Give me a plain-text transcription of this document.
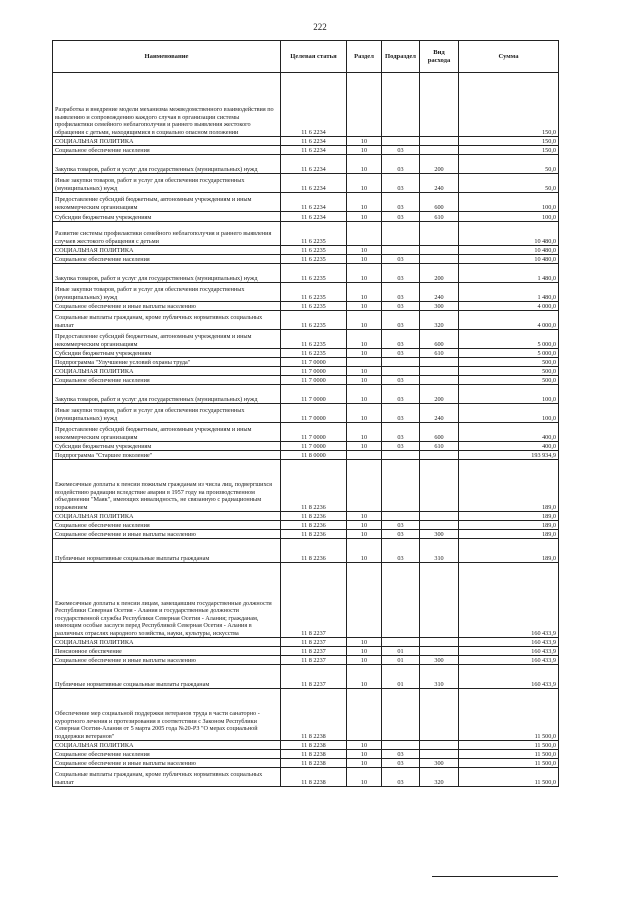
222
Наименование	Целевая статья	Раздел	Подраздел	Вид расхода	Сумма
Разработка и внедрение модели механизма межведомственного взаимодействия по выявлению и сопровождению каждого случая в организации системы профилактики семейного неблагополучия и раннего выявления жестокого обращения с детьми, находящимися в социально опасном положении	11 6 2234				150,0
СОЦИАЛЬНАЯ ПОЛИТИКА	11 6 2234	10			150,0
Социальное обеспечение населения	11 6 2234	10	03		150,0
Закупка товаров, работ и услуг для государственных (муниципальных) нужд	11 6 2234	10	03	200	50,0
Иные закупки товаров, работ и услуг для обеспечения государственных (муниципальных) нужд	11 6 2234	10	03	240	50,0
Предоставление субсидий бюджетным, автономным учреждениям и иным некоммерческим организациям	11 6 2234	10	03	600	100,0
Субсидии бюджетным учреждениям	11 6 2234	10	03	610	100,0
Развитие системы профилактики семейного неблагополучия и раннего выявления случаев жестокого обращения с детьми	11 6 2235				10 480,0
СОЦИАЛЬНАЯ ПОЛИТИКА	11 6 2235	10			10 480,0
Социальное обеспечение населения	11 6 2235	10	03		10 480,0
Закупка товаров, работ и услуг для государственных (муниципальных) нужд	11 6 2235	10	03	200	1 480,0
Иные закупки товаров, работ и услуг для обеспечения государственных (муниципальных) нужд	11 6 2235	10	03	240	1 480,0
Социальное обеспечение и иные выплаты населению	11 6 2235	10	03	300	4 000,0
Социальные выплаты гражданам, кроме публичных нормативных социальных выплат	11 6 2235	10	03	320	4 000,0
Предоставление субсидий бюджетным, автономным учреждениям и иным некоммерческим организациям	11 6 2235	10	03	600	5 000,0
Субсидии бюджетным учреждениям	11 6 2235	10	03	610	5 000,0
Подпрограмма "Улучшение условий охраны труда"	11 7 0000				500,0
СОЦИАЛЬНАЯ ПОЛИТИКА	11 7 0000	10			500,0
Социальное обеспечение населения	11 7 0000	10	03		500,0
Закупка товаров, работ и услуг для государственных (муниципальных) нужд	11 7 0000	10	03	200	100,0
Иные закупки товаров, работ и услуг для обеспечения государственных (муниципальных) нужд	11 7 0000	10	03	240	100,0
Предоставление субсидий бюджетным, автономным учреждениям и иным некоммерческим организациям	11 7 0000	10	03	600	400,0
Субсидии бюджетным учреждениям	11 7 0000	10	03	610	400,0
Подпрограмма "Старшее поколение"	11 8 0000				193 934,9
Ежемесячные доплаты к пенсии пожилым гражданам из числа лиц, подвергшихся воздействию радиации вследствие аварии в 1957 году на производственном объединении "Маяк", имеющих инвалидность, не связанную с радиационным поражением	11 8 2236				189,0
СОЦИАЛЬНАЯ ПОЛИТИКА	11 8 2236	10			189,0
Социальное обеспечение населения	11 8 2236	10	03		189,0
Социальное обеспечение и иные выплаты населению	11 8 2236	10	03	300	189,0
Публичные нормативные социальные выплаты гражданам	11 8 2236	10	03	310	189,0
Ежемесячные доплаты к пенсии лицам, замещавшим государственные должности Республики Северная Осетия - Алания и государственные должности государственной службы Республики Северная Осетия - Алания; гражданам, имеющим особые заслуги перед Республикой Северная Осетия - Алания в различных отраслях народного хозяйства, науки, культуры, искусства	11 8 2237				160 433,9
СОЦИАЛЬНАЯ ПОЛИТИКА	11 8 2237	10			160 433,9
Пенсионное обеспечение	11 8 2237	10	01		160 433,9
Социальное обеспечение и иные выплаты населению	11 8 2237	10	01	300	160 433,9
Публичные нормативные социальные выплаты гражданам	11 8 2237	10	01	310	160 433,9
Обеспечение мер социальной поддержки ветеранов труда в части санаторно - курортного лечения и протезирования в соответствии с Законом Республики Северная Осетия-Алания от 5 марта 2005 года №20-РЗ "О мерах социальной поддержки ветеранов"	11 8 2238				11 500,0
СОЦИАЛЬНАЯ ПОЛИТИКА	11 8 2238	10			11 500,0
Социальное обеспечение населения	11 8 2238	10	03		11 500,0
Социальное обеспечение и иные выплаты населению	11 8 2238	10	03	300	11 500,0
Социальные выплаты гражданам, кроме публичных нормативных социальных выплат	11 8 2238	10	03	320	11 500,0
